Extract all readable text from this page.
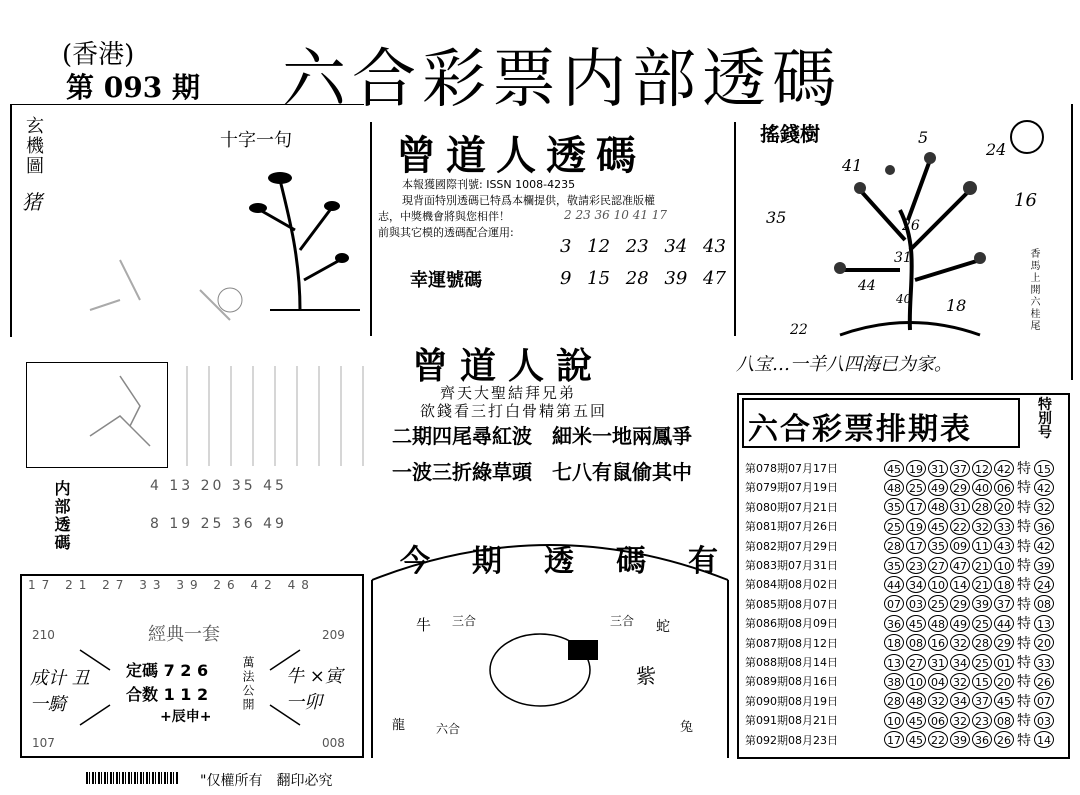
(香港)
第 093 期 六合彩票内部透碼
玄機圖
猪
十字一句
内部透碼	4 13 20 35 45
8 19 25 36 49
17 21 27 33 39 26 42 48
210	209
107	008
經典一套
定碼 7 2 6
合数 1 1 2
+辰申+
萬法公開
成计 丑一騎
牛 ×寅 一卯
曾道人透碼
本報獲國際刊號: ISSN 1008-4235
現背面特別透碼已特爲本欄提供，敬請彩民認准版權
志，中獎機會將與您相伴！
前與其它模的透碼配合運用:
2 23 36 10 41 17
3 12 23 34 43
幸運號碼	9 15 28 39 47
曾道人說
齊天大聖結拜兄弟
欲錢看三打白骨精第五回
二期四尾尋紅波　細米一地兩鳳爭
一波三折綠草頭　七八有鼠偷其中
今期透碼有
牛 三合	三合
龍	六合
蛇
紫
兔
搖錢樹
41
5
24
35
16
26
31
44
40 18
22	香馬上開六桂尾
八宝…一羊八四海已为家。
六合彩票排期表
特別号
第078期07月17日	45 19 31 37 12 42 特 15
第079期07月19日	48 25 49 29 40 06 特 42
第080期07月21日	35 17 48 31 28 20 特 32
第081期07月26日	25 19 45 22 32 33 特 36
第082期07月29日	28 17 35 09 11 43 特 42
第083期07月31日	35 23 27 47 21 10 特 39
第084期08月02日	44 34 10 14 21 18 特 24
第085期08月07日	07 03 25 29 39 37 特 08
第086期08月09日	36 45 48 49 25 44 特 13
第087期08月12日	18 08 16 32 28 29 特 20
第088期08月14日	13 27 31 34 25 01 特 33
第089期08月16日	38 10 04 32 15 20 特 26
第090期08月19日	28 48 32 34 37 45 特 07
第091期08月21日	10 45 06 32 23 08 特 03
第092期08月23日	17 45 22 39 36 26 特 14
"仅權所有　翻印必究
